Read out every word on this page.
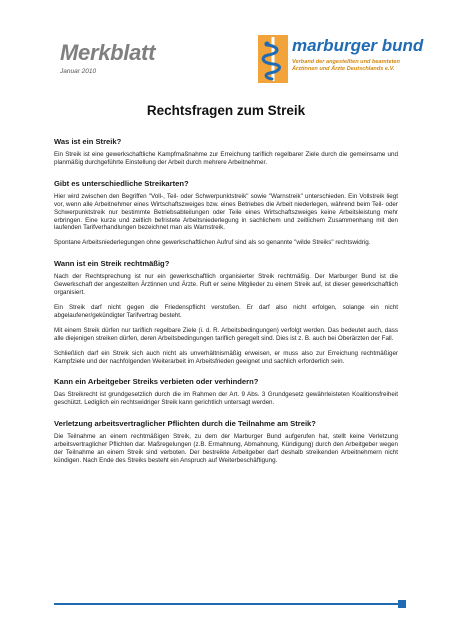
Merkblatt
Januar 2010
marburger bund
Verband der angestellten und beamteten
Ärztinnen und Ärzte Deutschlands e.V.
Rechtsfragen zum Streik
Was ist ein Streik?
Ein Streik ist eine gewerkschaftliche Kampfmaßnahme zur Erreichung tariflich regelbarer Ziele durch die gemeinsame und planmäßig durchgeführte Einstellung der Arbeit durch mehrere Arbeitnehmer.
Gibt es unterschiedliche Streikarten?
Hier wird zwischen den Begriffen "Voll-, Teil- oder Schwerpunktstreik" sowie "Warnstreik" unterschieden. Ein Vollstreik liegt vor, wenn alle Arbeitnehmer eines Wirtschaftszweiges bzw. eines Betriebes die Arbeit niederlegen, während beim Teil- oder Schwerpunktstreik nur bestimmte Betriebsabteilungen oder Teile eines Wirtschaftszweiges keine Arbeitsleistung mehr erbringen. Eine kurze und zeitlich befristete Arbeitsniederlegung in sachlichem und zeitlichem Zusammenhang mit den laufenden Tarifverhandlungen bezeichnet man als Warnstreik.
Spontane Arbeitsniederlegungen ohne gewerkschaftlichen Aufruf sind als so genannte "wilde Streiks" rechtswidrig.
Wann ist ein Streik rechtmäßig?
Nach der Rechtsprechung ist nur ein gewerkschaftlich organisierter Streik rechtmäßig. Der Marburger Bund ist die Gewerkschaft der angestellten Ärztinnen und Ärzte. Ruft er seine Mitglieder zu einem Streik auf, ist dieser gewerkschaftlich organisiert.
Ein Streik darf nicht gegen die Friedenspflicht verstoßen. Er darf also nicht erfolgen, solange ein nicht abgelaufener/gekündigter Tarifvertrag besteht.
Mit einem Streik dürfen nur tariflich regelbare Ziele (i. d. R. Arbeitsbedingungen) verfolgt werden. Das bedeutet auch, dass alle diejenigen streiken dürfen, deren Arbeitsbedingungen tariflich geregelt sind. Dies ist z. B. auch bei Oberärzten der Fall.
Schließlich darf ein Streik sich auch nicht als unverhältnismäßig erweisen, er muss also zur Erreichung rechtmäßiger Kampfziele und der nachfolgenden Weiterarbeit im Arbeitsfrieden geeignet und sachlich erforderlich sein.
Kann ein Arbeitgeber Streiks verbieten oder verhindern?
Das Streikrecht ist grundgesetzlich durch die im Rahmen der Art. 9 Abs. 3 Grundgesetz gewährleisteten Koalitionsfreiheit geschützt. Lediglich ein rechtswidriger Streik kann gerichtlich untersagt werden.
Verletzung arbeitsvertraglicher Pflichten durch die Teilnahme am Streik?
Die Teilnahme an einem rechtmäßigen Streik, zu dem der Marburger Bund aufgerufen hat, stellt keine Verletzung arbeitsvertraglicher Pflichten dar. Maßregelungen (z.B. Ermahnung, Abmahnung, Kündigung) durch den Arbeitgeber wegen der Teilnahme an einem Streik sind verboten. Der bestreikte Arbeitgeber darf deshalb streikenden Arbeitnehmern nicht kündigen. Nach Ende des Streiks besteht ein Anspruch auf Weiterbeschäftigung.
